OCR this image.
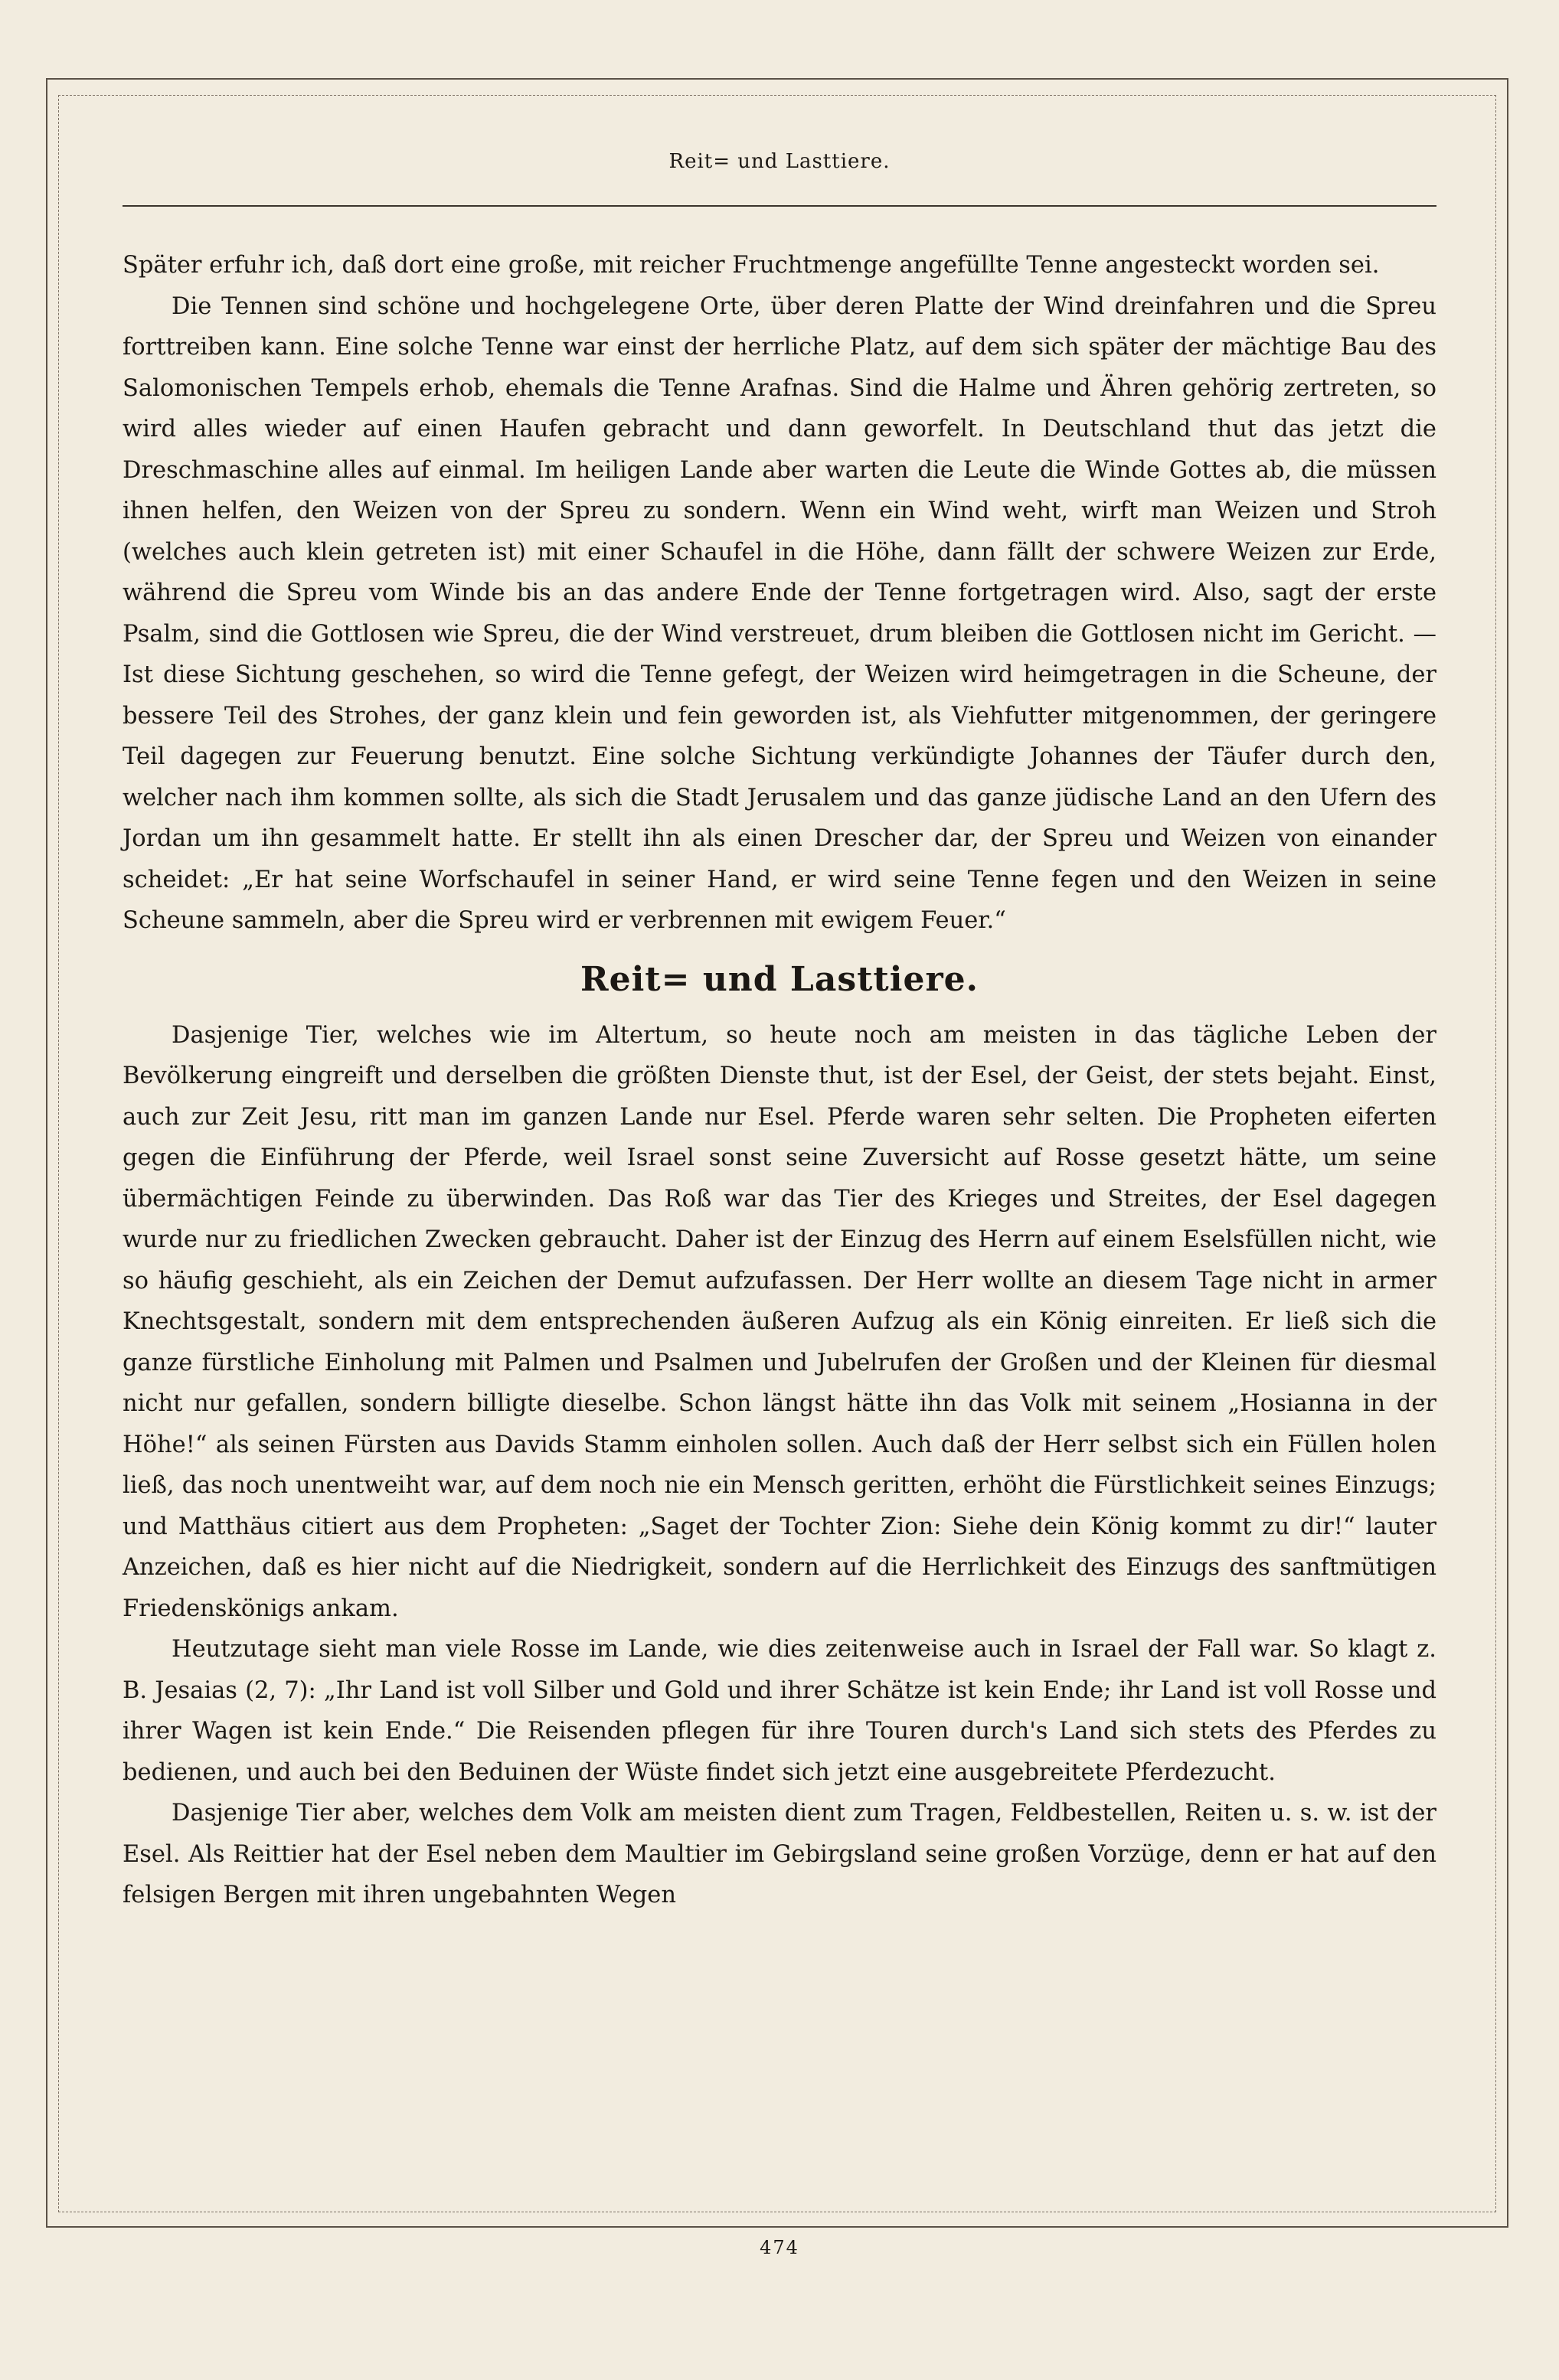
Reit= und Lasttiere.

Später erfuhr ich, daß dort eine große, mit reicher Fruchtmenge angefüllte Tenne angesteckt worden sei.

Die Tennen sind schöne und hochgelegene Orte, über deren Platte der Wind dreinfahren und die Spreu forttreiben kann. Eine solche Tenne war einst der herrliche Platz, auf dem sich später der mächtige Bau des Salomonischen Tempels erhob, ehemals die Tenne Arafnas. Sind die Halme und Ähren gehörig zertreten, so wird alles wieder auf einen Haufen gebracht und dann geworfelt. In Deutschland thut das jetzt die Dreschmaschine alles auf einmal. Im heiligen Lande aber warten die Leute die Winde Gottes ab, die müssen ihnen helfen, den Weizen von der Spreu zu sondern. Wenn ein Wind weht, wirft man Weizen und Stroh (welches auch klein getreten ist) mit einer Schaufel in die Höhe, dann fällt der schwere Weizen zur Erde, während die Spreu vom Winde bis an das andere Ende der Tenne fortgetragen wird. Also, sagt der erste Psalm, sind die Gottlosen wie Spreu, die der Wind verstreuet, drum bleiben die Gottlosen nicht im Gericht. — Ist diese Sichtung geschehen, so wird die Tenne gefegt, der Weizen wird heimgetragen in die Scheune, der bessere Teil des Strohes, der ganz klein und fein geworden ist, als Viehfutter mitgenommen, der geringere Teil dagegen zur Feuerung benutzt. Eine solche Sichtung verkündigte Johannes der Täufer durch den, welcher nach ihm kommen sollte, als sich die Stadt Jerusalem und das ganze jüdische Land an den Ufern des Jordan um ihn gesammelt hatte. Er stellt ihn als einen Drescher dar, der Spreu und Weizen von einander scheidet: „Er hat seine Worfschaufel in seiner Hand, er wird seine Tenne fegen und den Weizen in seine Scheune sammeln, aber die Spreu wird er verbrennen mit ewigem Feuer.“

Reit= und Lasttiere.

Dasjenige Tier, welches wie im Altertum, so heute noch am meisten in das tägliche Leben der Bevölkerung eingreift und derselben die größten Dienste thut, ist der Esel, der Geist, der stets bejaht. Einst, auch zur Zeit Jesu, ritt man im ganzen Lande nur Esel. Pferde waren sehr selten. Die Propheten eiferten gegen die Einführung der Pferde, weil Israel sonst seine Zuversicht auf Rosse gesetzt hätte, um seine übermächtigen Feinde zu überwinden. Das Roß war das Tier des Krieges und Streites, der Esel dagegen wurde nur zu friedlichen Zwecken gebraucht. Daher ist der Einzug des Herrn auf einem Eselsfüllen nicht, wie so häufig geschieht, als ein Zeichen der Demut aufzufassen. Der Herr wollte an diesem Tage nicht in armer Knechtsgestalt, sondern mit dem entsprechenden äußeren Aufzug als ein König einreiten. Er ließ sich die ganze fürstliche Einholung mit Palmen und Psalmen und Jubelrufen der Großen und der Kleinen für diesmal nicht nur gefallen, sondern billigte dieselbe. Schon längst hätte ihn das Volk mit seinem „Hosianna in der Höhe!“ als seinen Fürsten aus Davids Stamm einholen sollen. Auch daß der Herr selbst sich ein Füllen holen ließ, das noch unentweiht war, auf dem noch nie ein Mensch geritten, erhöht die Fürstlichkeit seines Einzugs; und Matthäus citiert aus dem Propheten: „Saget der Tochter Zion: Siehe dein König kommt zu dir!“ lauter Anzeichen, daß es hier nicht auf die Niedrigkeit, sondern auf die Herrlichkeit des Einzugs des sanftmütigen Friedenskönigs ankam.

Heutzutage sieht man viele Rosse im Lande, wie dies zeitenweise auch in Israel der Fall war. So klagt z. B. Jesaias (2, 7): „Ihr Land ist voll Silber und Gold und ihrer Schätze ist kein Ende; ihr Land ist voll Rosse und ihrer Wagen ist kein Ende.“ Die Reisenden pflegen für ihre Touren durch's Land sich stets des Pferdes zu bedienen, und auch bei den Beduinen der Wüste findet sich jetzt eine ausgebreitete Pferdezucht.

Dasjenige Tier aber, welches dem Volk am meisten dient zum Tragen, Feldbestellen, Reiten u. s. w. ist der Esel. Als Reittier hat der Esel neben dem Maultier im Gebirgsland seine großen Vorzüge, denn er hat auf den felsigen Bergen mit ihren ungebahnten Wegen

474
